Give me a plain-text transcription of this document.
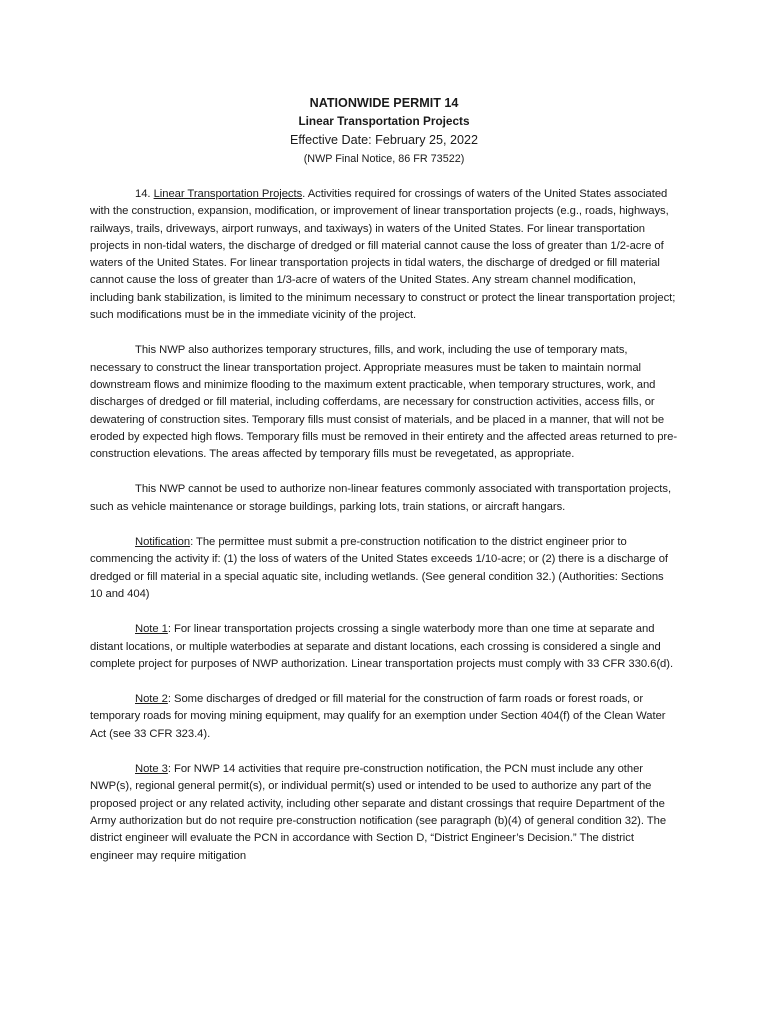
NATIONWIDE PERMIT 14
Linear Transportation Projects
Effective Date: February 25, 2022
(NWP Final Notice, 86 FR 73522)

14. Linear Transportation Projects. Activities required for crossings of waters of the United States associated with the construction, expansion, modification, or improvement of linear transportation projects (e.g., roads, highways, railways, trails, driveways, airport runways, and taxiways) in waters of the United States. For linear transportation projects in non-tidal waters, the discharge of dredged or fill material cannot cause the loss of greater than 1/2-acre of waters of the United States. For linear transportation projects in tidal waters, the discharge of dredged or fill material cannot cause the loss of greater than 1/3-acre of waters of the United States. Any stream channel modification, including bank stabilization, is limited to the minimum necessary to construct or protect the linear transportation project; such modifications must be in the immediate vicinity of the project.

This NWP also authorizes temporary structures, fills, and work, including the use of temporary mats, necessary to construct the linear transportation project. Appropriate measures must be taken to maintain normal downstream flows and minimize flooding to the maximum extent practicable, when temporary structures, work, and discharges of dredged or fill material, including cofferdams, are necessary for construction activities, access fills, or dewatering of construction sites. Temporary fills must consist of materials, and be placed in a manner, that will not be eroded by expected high flows. Temporary fills must be removed in their entirety and the affected areas returned to pre-construction elevations. The areas affected by temporary fills must be revegetated, as appropriate.

This NWP cannot be used to authorize non-linear features commonly associated with transportation projects, such as vehicle maintenance or storage buildings, parking lots, train stations, or aircraft hangars.

Notification: The permittee must submit a pre-construction notification to the district engineer prior to commencing the activity if: (1) the loss of waters of the United States exceeds 1/10-acre; or (2) there is a discharge of dredged or fill material in a special aquatic site, including wetlands. (See general condition 32.) (Authorities: Sections 10 and 404)

Note 1: For linear transportation projects crossing a single waterbody more than one time at separate and distant locations, or multiple waterbodies at separate and distant locations, each crossing is considered a single and complete project for purposes of NWP authorization. Linear transportation projects must comply with 33 CFR 330.6(d).

Note 2: Some discharges of dredged or fill material for the construction of farm roads or forest roads, or temporary roads for moving mining equipment, may qualify for an exemption under Section 404(f) of the Clean Water Act (see 33 CFR 323.4).

Note 3: For NWP 14 activities that require pre-construction notification, the PCN must include any other NWP(s), regional general permit(s), or individual permit(s) used or intended to be used to authorize any part of the proposed project or any related activity, including other separate and distant crossings that require Department of the Army authorization but do not require pre-construction notification (see paragraph (b)(4) of general condition 32). The district engineer will evaluate the PCN in accordance with Section D, “District Engineer’s Decision.” The district engineer may require mitigation
